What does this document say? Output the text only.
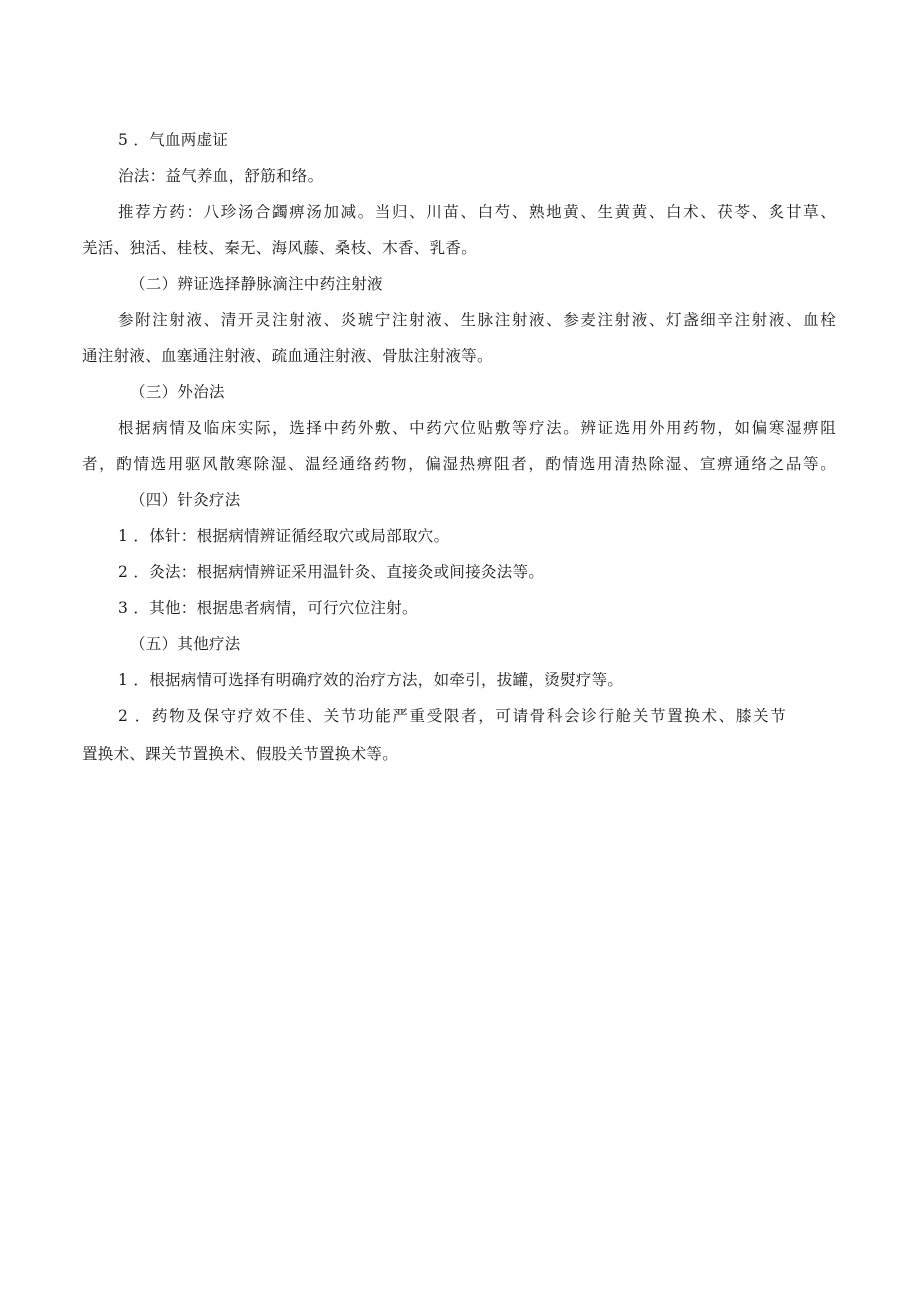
5 ．气血两虚证

治法：益气养血，舒筋和络。

推荐方药：八珍汤合蠲痹汤加减。当归、川苗、白芍、熟地黄、生黄黄、白术、茯苓、炙甘草、

羌活、独活、桂枝、秦无、海风藤、桑枝、木香、乳香。

（二）辨证选择静脉滴注中药注射液

参附注射液、清开灵注射液、炎琥宁注射液、生脉注射液、参麦注射液、灯盏细辛注射液、血栓

通注射液、血塞通注射液、疏血通注射液、骨肽注射液等。

（三）外治法

根据病情及临床实际，选择中药外敷、中药穴位贴敷等疗法。辨证选用外用药物，如偏寒湿痹阻

者，酌情选用驱风散寒除湿、温经通络药物，偏湿热痹阻者，酌情选用清热除湿、宣痹通络之品等。

（四）针灸疗法

1 ．体针：根据病情辨证循经取穴或局部取穴。

2 ．灸法：根据病情辨证采用温针灸、直接灸或间接灸法等。

3 ．其他：根据患者病情，可行穴位注射。

（五）其他疗法

1 ．根据病情可选择有明确疗效的治疗方法，如牵引，拔罐，烫熨疗等。

2 ．药物及保守疗效不佳、关节功能严重受限者，可请骨科会诊行舱关节置换术、膝关节

置换术、踝关节置换术、假股关节置换术等。
